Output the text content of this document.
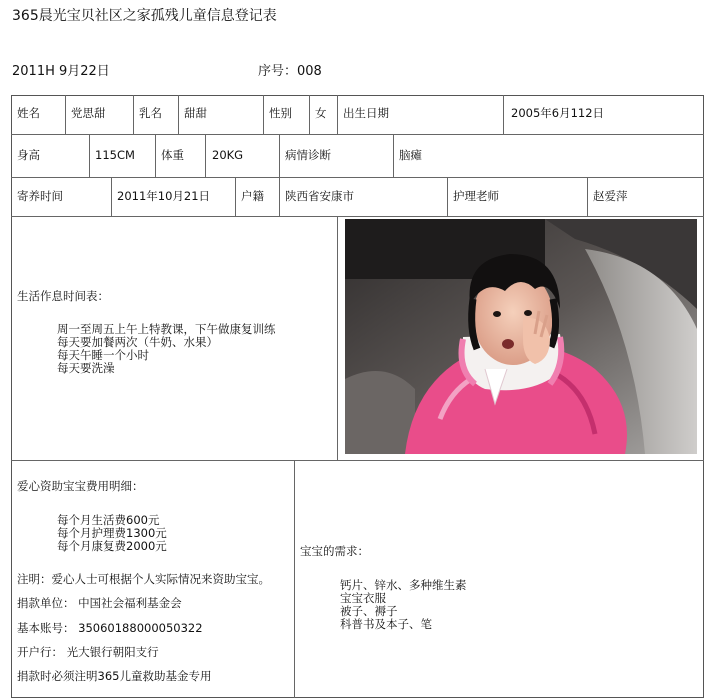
365晨光宝贝社区之家孤残儿童信息登记表
2011H 9月22日	序号：008
姓名	党思甜	乳名 甜甜	性别 女 出生日期	2005年6月112日
身高	115CM 体重 20KG	病情诊断	脑瘫
寄养时间	2011年10月21日	户籍 陕西省安康市	护理老师	赵爱萍
生活作息时间表：
周一至周五上午上特教课，下午做康复训练
每天要加餐两次（牛奶、水果）
每天午睡一个小时
每天要洗澡
爱心资助宝宝费用明细：
每个月生活费600元
每个月护理费1300元
每个月康复费2000元
注明：爱心人士可根据个人实际情况来资助宝宝。
捐款单位： 中国社会福利基金会
基本账号： 35060188000050322
开户行： 光大银行朝阳支行
捐款时必须注明365儿童救助基金专用
宝宝的需求：
钙片、锌水、多种维生素
宝宝衣服
被子、褥子
科普书及本子、笔
